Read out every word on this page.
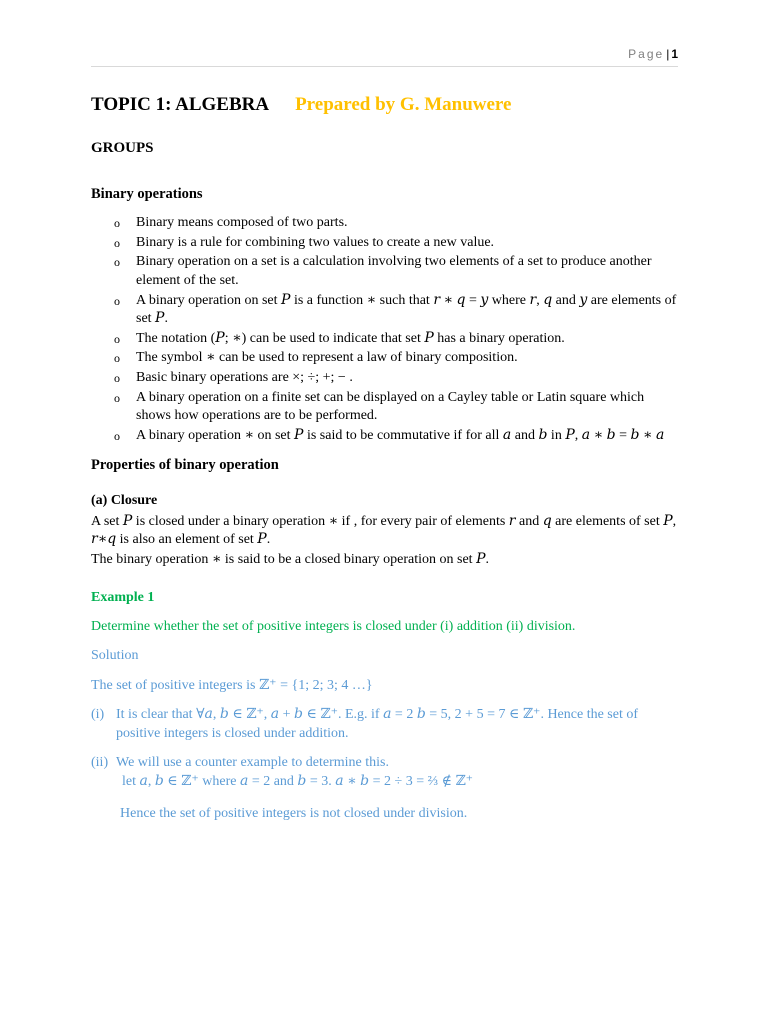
Page | 1
TOPIC 1: ALGEBRA Prepared by G. Manuwere
GROUPS
Binary operations
o Binary means composed of two parts.
o Binary is a rule for combining two values to create a new value.
o Binary operation on a set is a calculation involving two elements of a set to produce another element of the set.
o A binary operation on set 𝑃 is a function ∗ such that 𝑟 ∗ 𝑞 = 𝑦 where 𝑟, 𝑞 and 𝑦 are elements of set 𝑃.
o The notation (𝑃; ∗) can be used to indicate that set 𝑃 has a binary operation.
o The symbol ∗ can be used to represent a law of binary composition.
o Basic binary operations are ×; ÷; +; − .
o A binary operation on a finite set can be displayed on a Cayley table or Latin square which shows how operations are to be performed.
o A binary operation ∗ on set 𝑃 is said to be commutative if for all 𝑎 and 𝑏 in 𝑃, 𝑎 ∗ 𝑏 = 𝑏 ∗ 𝑎
Properties of binary operation
(a) Closure

A set 𝑃 is closed under a binary operation ∗ if , for every pair of elements 𝑟 and 𝑞 are elements of set 𝑃, 𝑟∗𝑞 is also an element of set 𝑃.

The binary operation ∗ is said to be a closed binary operation on set 𝑃.

Example 1
Determine whether the set of positive integers is closed under (i) addition (ii) division.
Solution
The set of positive integers is ℤ⁺ = {1; 2; 3; 4 …}
(i) It is clear that ∀𝑎, 𝑏 ∈ ℤ⁺, 𝑎 + 𝑏 ∈ ℤ⁺. E.g. if 𝑎 = 2 𝑏 = 5, 2 + 5 = 7 ∈ ℤ⁺. Hence the set of positive integers is closed under addition.
(ii) We will use a counter example to determine this.
let 𝑎, 𝑏 ∈ ℤ⁺ where 𝑎 = 2 and 𝑏 = 3. 𝑎 ∗ 𝑏 = 2 ÷ 3 = ⅔ ∉ ℤ⁺
Hence the set of positive integers is not closed under division.
